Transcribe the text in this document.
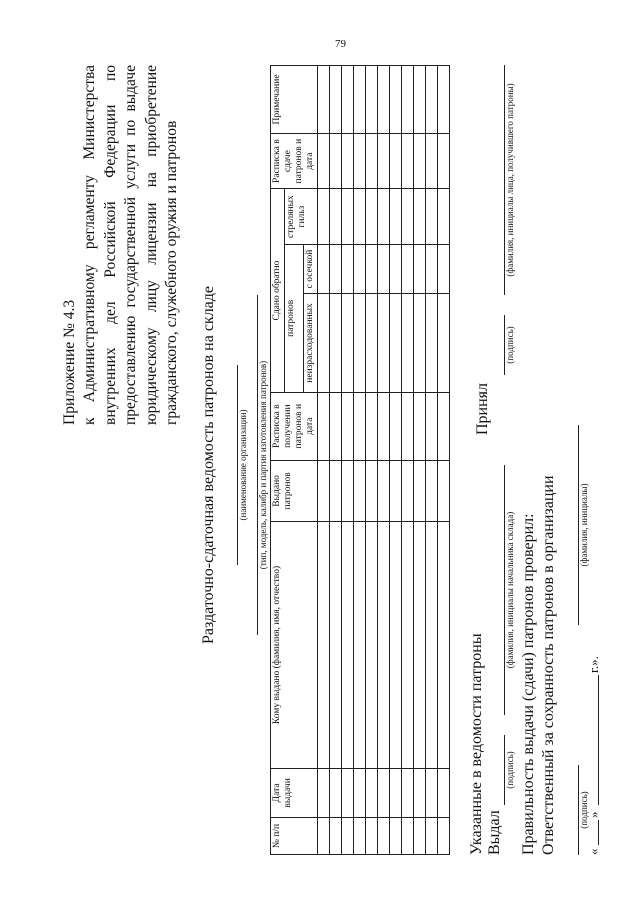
79
Приложение № 4.3 к Административному регламенту Министерства внутренних дел Российской Федерации по предоставлению государственной услуги по выдаче юридическому лицу лицензии на приобретение гражданского, служебного оружия и патронов
Раздаточно-сдаточная ведомость патронов на складе (наименование организации) (тип, модель, калибр и партия изготовления патронов)
№ п/п	Дата выдачи	Кому выдано (фамилия, имя, отчество)	Выдано патронов	Расписка в получении патронов и дата	Сдано обратно			Расписка в сдаче патронов и дата	Примечание
					патронов		стреляных гильз		
					неизрасходованных	с осечкой			

Указанные в ведомости патроны Выдал
(подпись)
(фамилия, инициалы начальника склада)
Принял
(подпись)
(фамилия, инициалы лица, получившего патроны)
Правильность выдачи (сдачи) патронов проверил: Ответственный за сохранность патронов в организации (фамилия, инициалы)
(подпись)
«
»
г.».
